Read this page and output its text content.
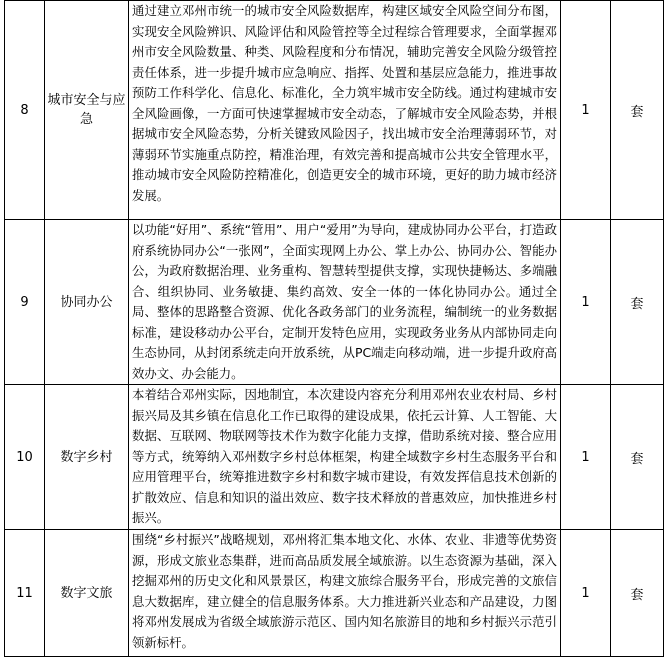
8	城市安全与应急	通过建立邓州市统一的城市安全风险数据库，构建区域安全风险空间分布图，实现安全风险辨识、风险评估和风险管控等全过程综合管理要求，全面掌握邓州市安全风险数量、种类、风险程度和分布情况，辅助完善安全风险分级管控责任体系，进一步提升城市应急响应、指挥、处置和基层应急能力，推进事故预防工作科学化、信息化、标准化，全力筑牢城市安全防线。通过构建城市安全风险画像，一方面可快速掌握城市安全动态，了解城市安全风险态势，并根据城市安全风险态势，分析关键致风险因子，找出城市安全治理薄弱环节，对薄弱环节实施重点防控，精准治理，有效完善和提高城市公共安全管理水平，推动城市安全风险防控精准化，创造更安全的城市环境，更好的助力城市经济发展。	1	套
9	协同办公	以功能“好用”、系统“管用”、用户“爱用”为导向，建成协同办公平台，打造政府系统协同办公“一张网”，全面实现网上办公、掌上办公、协同办公、智能办公，为政府数据治理、业务重构、智慧转型提供支撑，实现快捷畅达、多端融合、组织协同、业务敏捷、集约高效、安全一体的一体化协同办公。通过全局、整体的思路整合资源、优化各政务部门的业务流程，编制统一的业务数据标准，建设移动办公平台，定制开发特色应用，实现政务业务从内部协同走向生态协同，从封闭系统走向开放系统，从PC端走向移动端，进一步提升政府高效办文、办会能力。	1	套
10	数字乡村	本着结合邓州实际，因地制宜，本次建设内容充分利用邓州农业农村局、乡村振兴局及其乡镇在信息化工作已取得的建设成果，依托云计算、人工智能、大数据、互联网、物联网等技术作为数字化能力支撑，借助系统对接、整合应用等方式，统筹纳入邓州数字乡村总体框架，构建全域数字乡村生态服务平台和应用管理平台，统筹推进数字乡村和数字城市建设，有效发挥信息技术创新的扩散效应、信息和知识的溢出效应、数字技术释放的普惠效应，加快推进乡村振兴。	1	套
11	数字文旅	围绕“乡村振兴”战略规划，邓州将汇集本地文化、水体、农业、非遗等优势资源，形成文旅业态集群，进而高品质发展全域旅游。以生态资源为基础，深入挖掘邓州的历史文化和风景景区，构建文旅综合服务平台，形成完善的文旅信息大数据库，建立健全的信息服务体系。大力推进新兴业态和产品建设，力图将邓州发展成为省级全域旅游示范区、国内知名旅游目的地和乡村振兴示范引领新标杆。	1	套
